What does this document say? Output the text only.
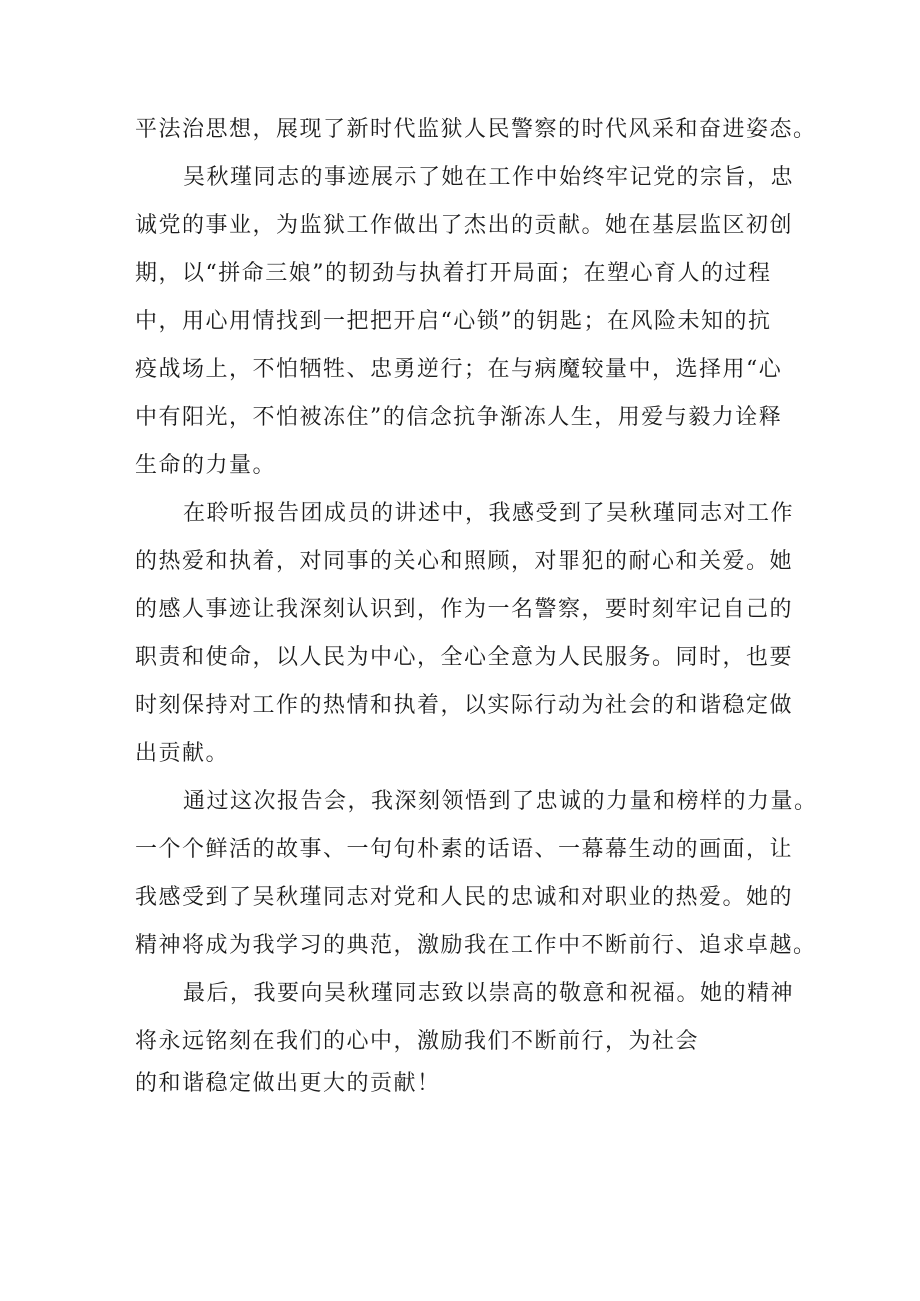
平法治思想，展现了新时代监狱人民警察的时代风采和奋进姿态。
吴秋瑾同志的事迹展示了她在工作中始终牢记党的宗旨，忠
诚党的事业，为监狱工作做出了杰出的贡献。她在基层监区初创
期，以“拼命三娘”的韧劲与执着打开局面；在塑心育人的过程
中，用心用情找到一把把开启“心锁”的钥匙；在风险未知的抗
疫战场上，不怕牺牲、忠勇逆行；在与病魔较量中，选择用“心
中有阳光，不怕被冻住”的信念抗争渐冻人生，用爱与毅力诠释
生命的力量。
在聆听报告团成员的讲述中，我感受到了吴秋瑾同志对工作
的热爱和执着，对同事的关心和照顾，对罪犯的耐心和关爱。她
的感人事迹让我深刻认识到，作为一名警察，要时刻牢记自己的
职责和使命，以人民为中心，全心全意为人民服务。同时，也要
时刻保持对工作的热情和执着，以实际行动为社会的和谐稳定做
出贡献。
通过这次报告会，我深刻领悟到了忠诚的力量和榜样的力量。
一个个鲜活的故事、一句句朴素的话语、一幕幕生动的画面，让
我感受到了吴秋瑾同志对党和人民的忠诚和对职业的热爱。她的
精神将成为我学习的典范，激励我在工作中不断前行、追求卓越。
最后，我要向吴秋瑾同志致以崇高的敬意和祝福。她的精神
将永远铭刻在我们的心中，激励我们不断前行，为社会
的和谐稳定做出更大的贡献！
